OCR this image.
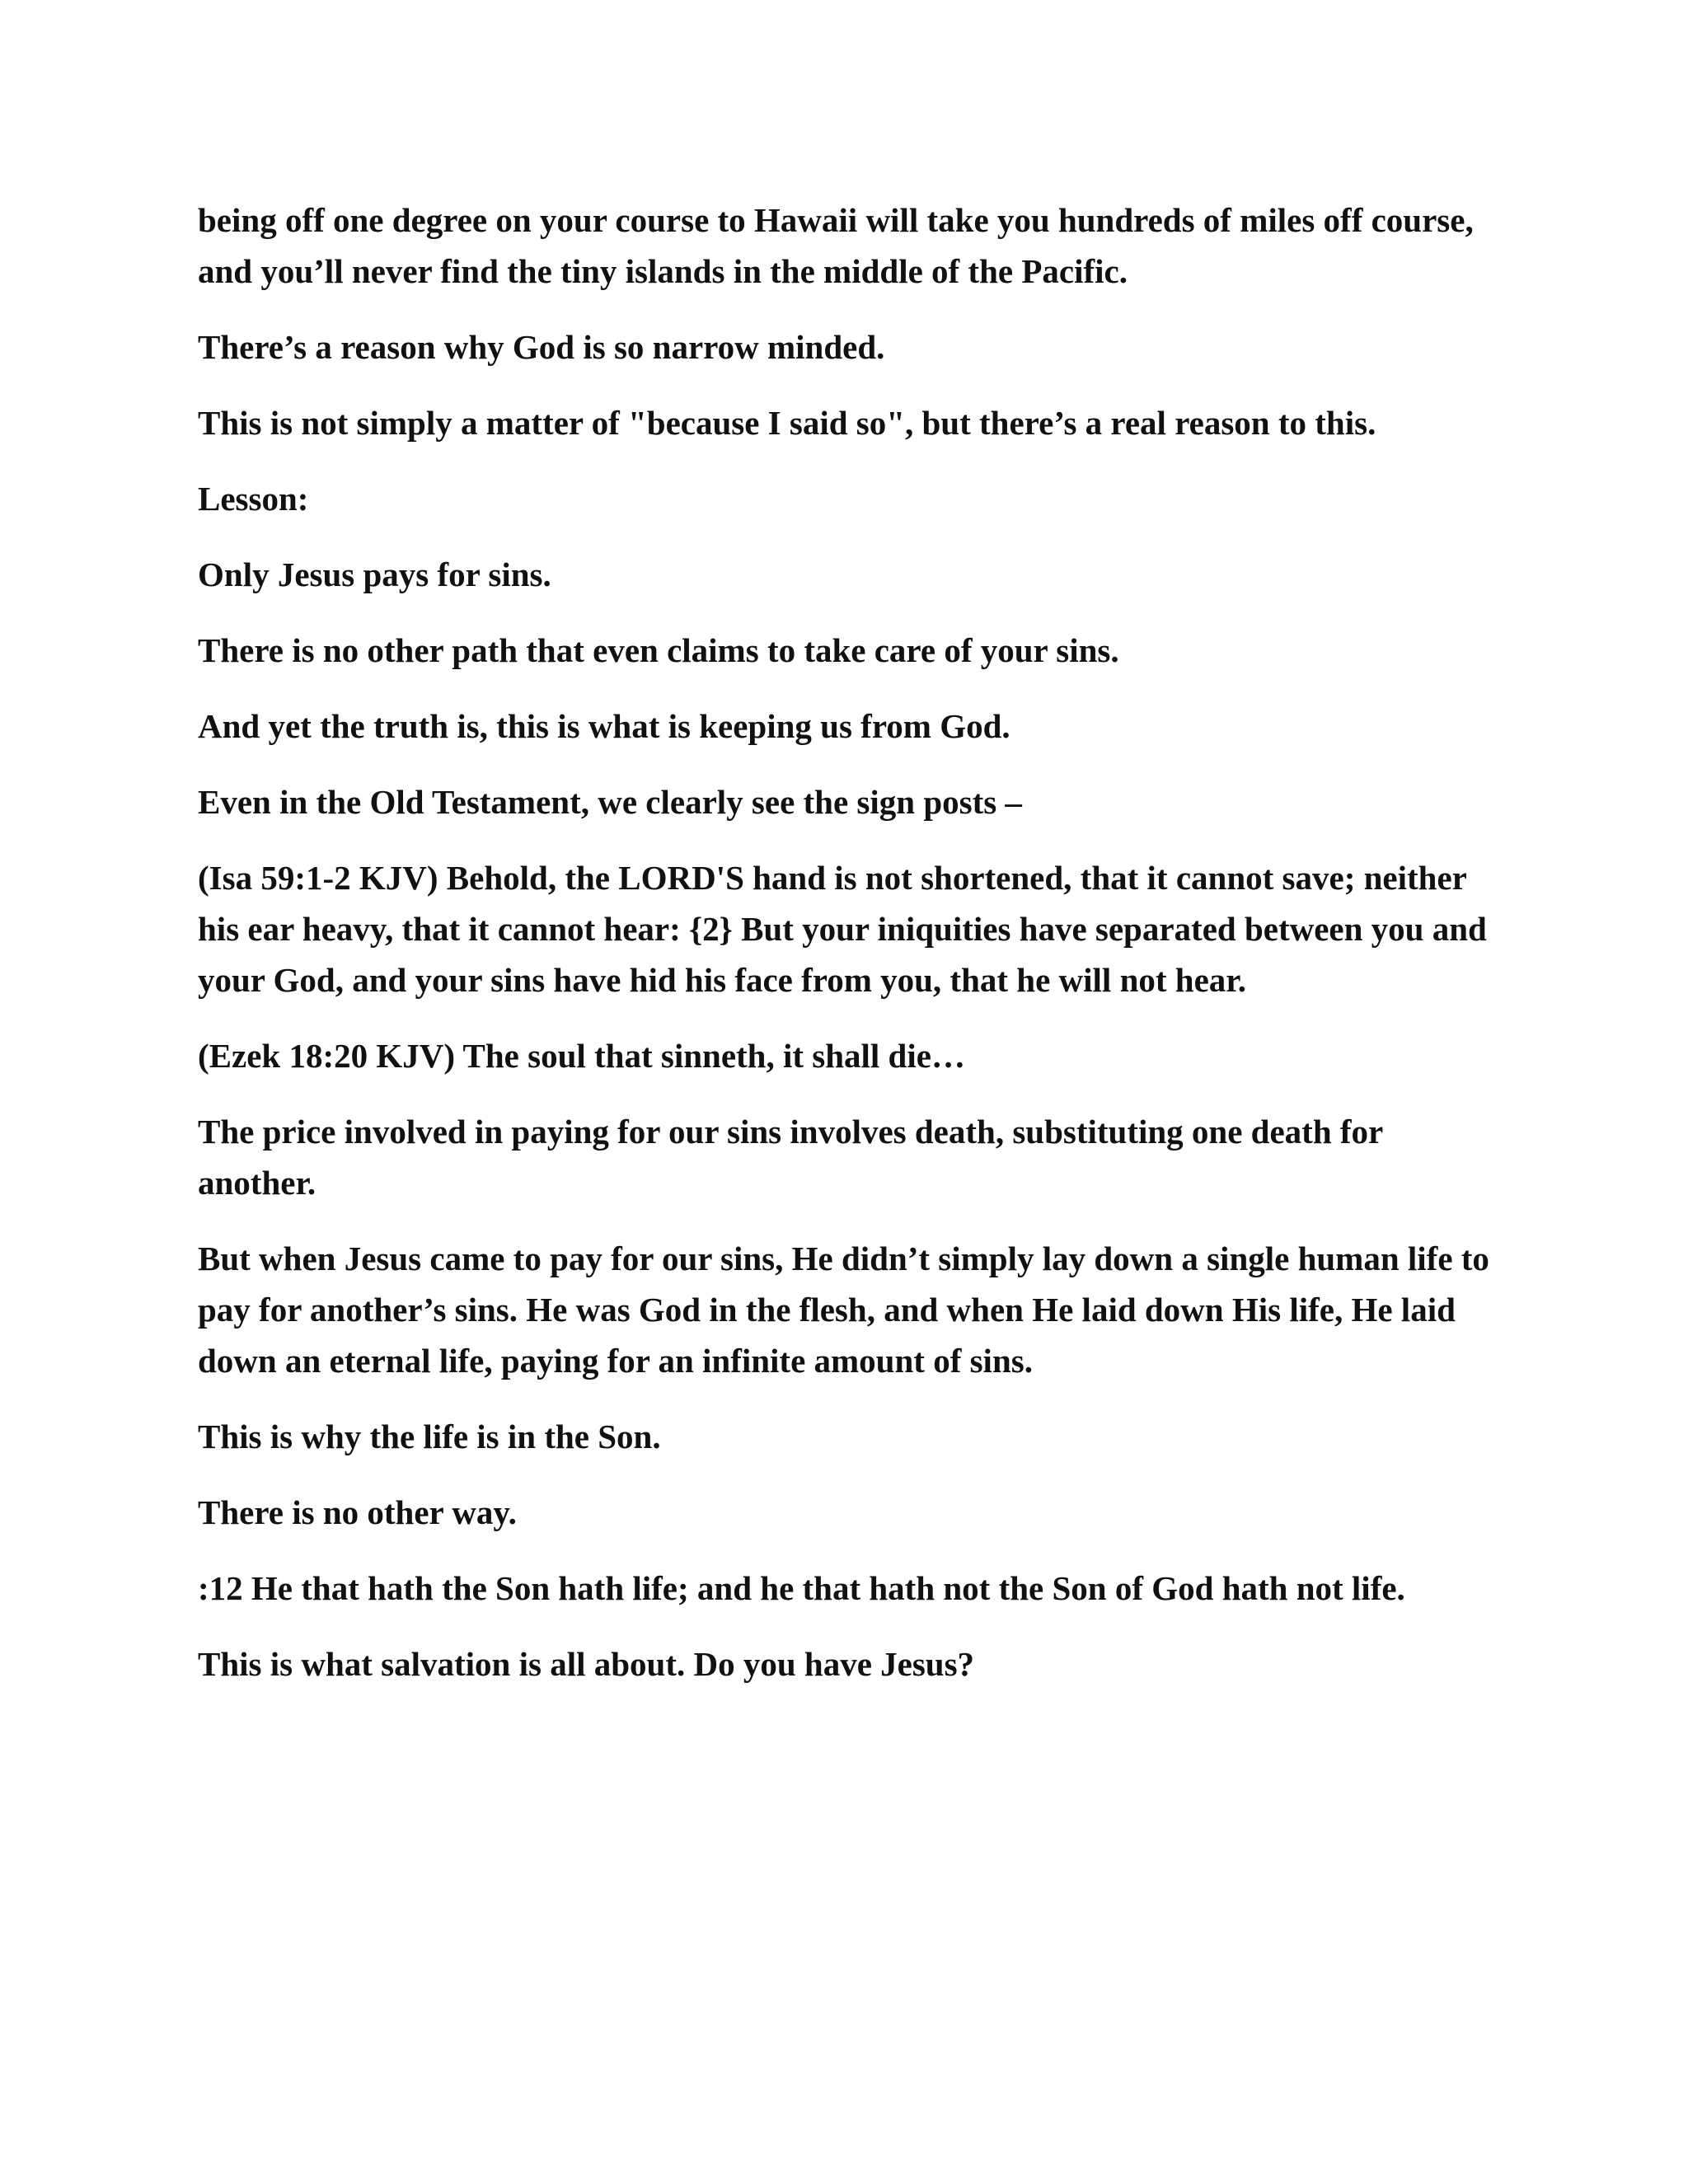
being off one degree on your course to Hawaii will take you hundreds of miles off course, and you’ll never find the tiny islands in the middle of the Pacific.

There’s a reason why God is so narrow minded.

This is not simply a matter of "because I said so", but there’s a real reason to this.

Lesson:

Only Jesus pays for sins.

There is no other path that even claims to take care of your sins.

And yet the truth is, this is what is keeping us from God.

Even in the Old Testament, we clearly see the sign posts –

(Isa 59:1-2 KJV) Behold, the LORD'S hand is not shortened, that it cannot save; neither his ear heavy, that it cannot hear: {2} But your iniquities have separated between you and your God, and your sins have hid his face from you, that he will not hear.

(Ezek 18:20 KJV) The soul that sinneth, it shall die…

The price involved in paying for our sins involves death, substituting one death for another.

But when Jesus came to pay for our sins, He didn’t simply lay down a single human life to pay for another’s sins. He was God in the flesh, and when He laid down His life, He laid down an eternal life, paying for an infinite amount of sins.

This is why the life is in the Son.

There is no other way.

:12 He that hath the Son hath life; and he that hath not the Son of God hath not life.

This is what salvation is all about. Do you have Jesus?
